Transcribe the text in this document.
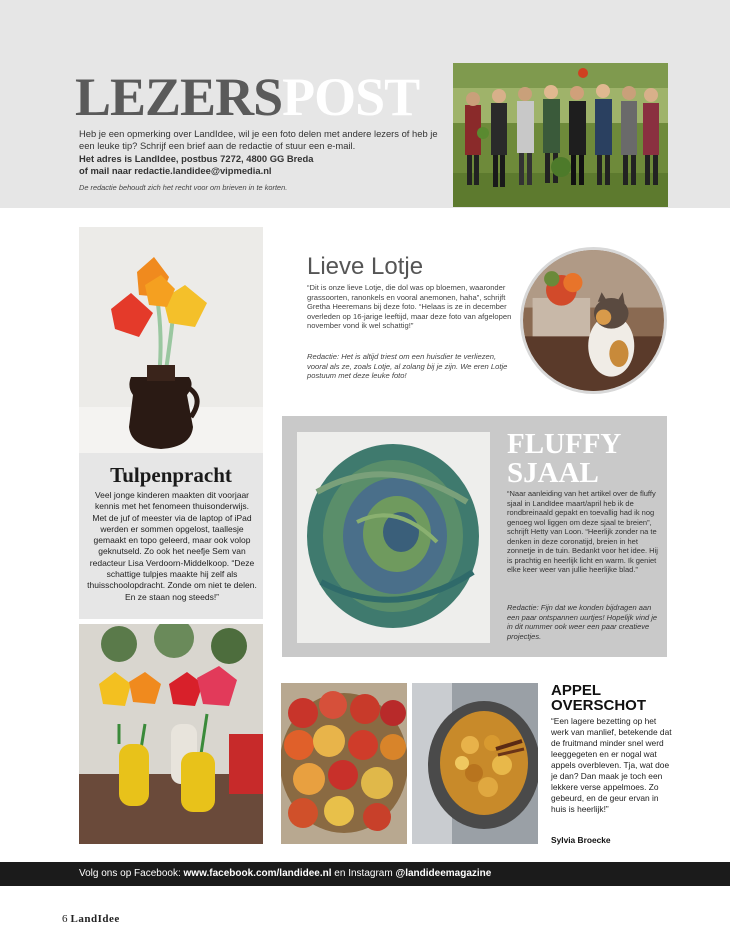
LEZERSPOST
Heb je een opmerking over LandIdee, wil je een foto delen met andere lezers of heb je een leuke tip? Schrijf een brief aan de redactie of stuur een e-mail.
Het adres is LandIdee, postbus 7272, 4800 GG Breda
of mail naar redactie.landidee@vipmedia.nl
De redactie behoudt zich het recht voor om brieven in te korten.
Tulpenpracht
Veel jonge kinderen maakten dit voorjaar kennis met het fenomeen thuisonderwijs. Met de juf of meester via de laptop of iPad werden er sommen opgelost, taallesje gemaakt en topo geleerd, maar ook volop geknutseld. Zo ook het neefje Sem van redacteur Lisa Verdoorn-Middelkoop. “Deze schattige tulpjes maakte hij zelf als thuisschoolopdracht. Zonde om niet te delen. En ze staan nog steeds!”
Lieve Lotje
“Dit is onze lieve Lotje, die dol was op bloemen, waaronder grassoorten, ranonkels en vooral anemonen, haha”, schrijft Gretha Heeremans bij deze foto. “Helaas is ze in december overleden op 16-jarige leeftijd, maar deze foto van afgelopen november vond ik wel schattig!”
Redactie: Het is altijd triest om een huisdier te verliezen, vooral als ze, zoals Lotje, al zolang bij je zijn. We eren Lotje postuum met deze leuke foto!
FLUFFY
SJAAL
“Naar aanleiding van het artikel over de fluffy sjaal in LandIdee maart/april heb ik de rondbreinaald gepakt en toevallig had ik nog genoeg wol liggen om deze sjaal te breien”, schrijft Hetty van Loon. “Heerlijk zonder na te denken in deze coronatijd, breien in het zonnetje in de tuin. Bedankt voor het idee. Hij is prachtig en heerlijk licht en warm. Ik geniet elke keer weer van jullie heerlijke blad.”
Redactie: Fijn dat we konden bijdragen aan een paar ontspannen uurtjes! Hopelijk vind je in dit nummer ook weer een paar creatieve projectjes.
APPEL
OVERSCHOT
“Een lagere bezetting op het werk van manlief, betekende dat de fruitmand minder snel werd leeggegeten en er nogal wat appels overbleven. Tja, wat doe je dan? Dan maak je toch een lekkere verse appelmoes. Zo gebeurd, en de geur ervan in huis is heerlijk!”
Sylvia Broecke
Volg ons op Facebook: www.facebook.com/landidee.nl en Instagram @landideemagazine
6 LandIdee
